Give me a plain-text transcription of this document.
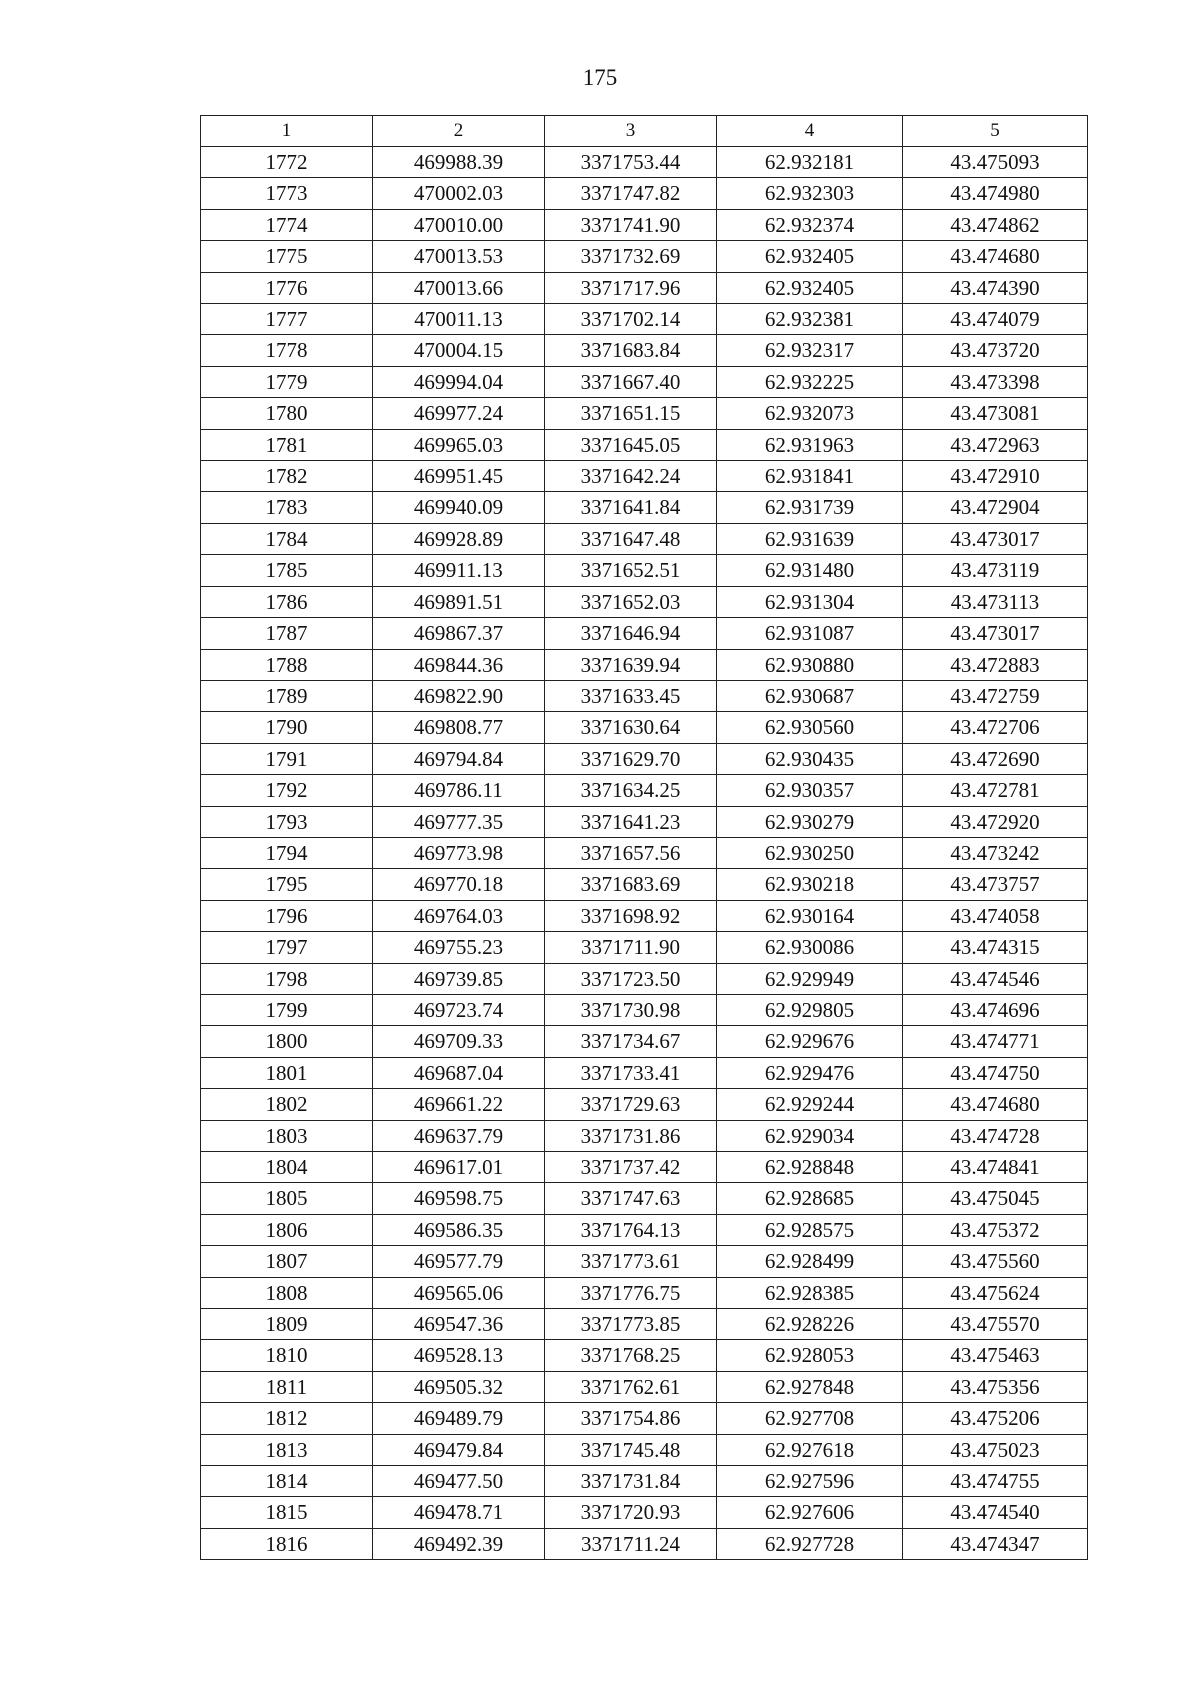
175
1	2	3	4	5
1772	469988.39	3371753.44	62.932181	43.475093
1773	470002.03	3371747.82	62.932303	43.474980
1774	470010.00	3371741.90	62.932374	43.474862
1775	470013.53	3371732.69	62.932405	43.474680
1776	470013.66	3371717.96	62.932405	43.474390
1777	470011.13	3371702.14	62.932381	43.474079
1778	470004.15	3371683.84	62.932317	43.473720
1779	469994.04	3371667.40	62.932225	43.473398
1780	469977.24	3371651.15	62.932073	43.473081
1781	469965.03	3371645.05	62.931963	43.472963
1782	469951.45	3371642.24	62.931841	43.472910
1783	469940.09	3371641.84	62.931739	43.472904
1784	469928.89	3371647.48	62.931639	43.473017
1785	469911.13	3371652.51	62.931480	43.473119
1786	469891.51	3371652.03	62.931304	43.473113
1787	469867.37	3371646.94	62.931087	43.473017
1788	469844.36	3371639.94	62.930880	43.472883
1789	469822.90	3371633.45	62.930687	43.472759
1790	469808.77	3371630.64	62.930560	43.472706
1791	469794.84	3371629.70	62.930435	43.472690
1792	469786.11	3371634.25	62.930357	43.472781
1793	469777.35	3371641.23	62.930279	43.472920
1794	469773.98	3371657.56	62.930250	43.473242
1795	469770.18	3371683.69	62.930218	43.473757
1796	469764.03	3371698.92	62.930164	43.474058
1797	469755.23	3371711.90	62.930086	43.474315
1798	469739.85	3371723.50	62.929949	43.474546
1799	469723.74	3371730.98	62.929805	43.474696
1800	469709.33	3371734.67	62.929676	43.474771
1801	469687.04	3371733.41	62.929476	43.474750
1802	469661.22	3371729.63	62.929244	43.474680
1803	469637.79	3371731.86	62.929034	43.474728
1804	469617.01	3371737.42	62.928848	43.474841
1805	469598.75	3371747.63	62.928685	43.475045
1806	469586.35	3371764.13	62.928575	43.475372
1807	469577.79	3371773.61	62.928499	43.475560
1808	469565.06	3371776.75	62.928385	43.475624
1809	469547.36	3371773.85	62.928226	43.475570
1810	469528.13	3371768.25	62.928053	43.475463
1811	469505.32	3371762.61	62.927848	43.475356
1812	469489.79	3371754.86	62.927708	43.475206
1813	469479.84	3371745.48	62.927618	43.475023
1814	469477.50	3371731.84	62.927596	43.474755
1815	469478.71	3371720.93	62.927606	43.474540
1816	469492.39	3371711.24	62.927728	43.474347
